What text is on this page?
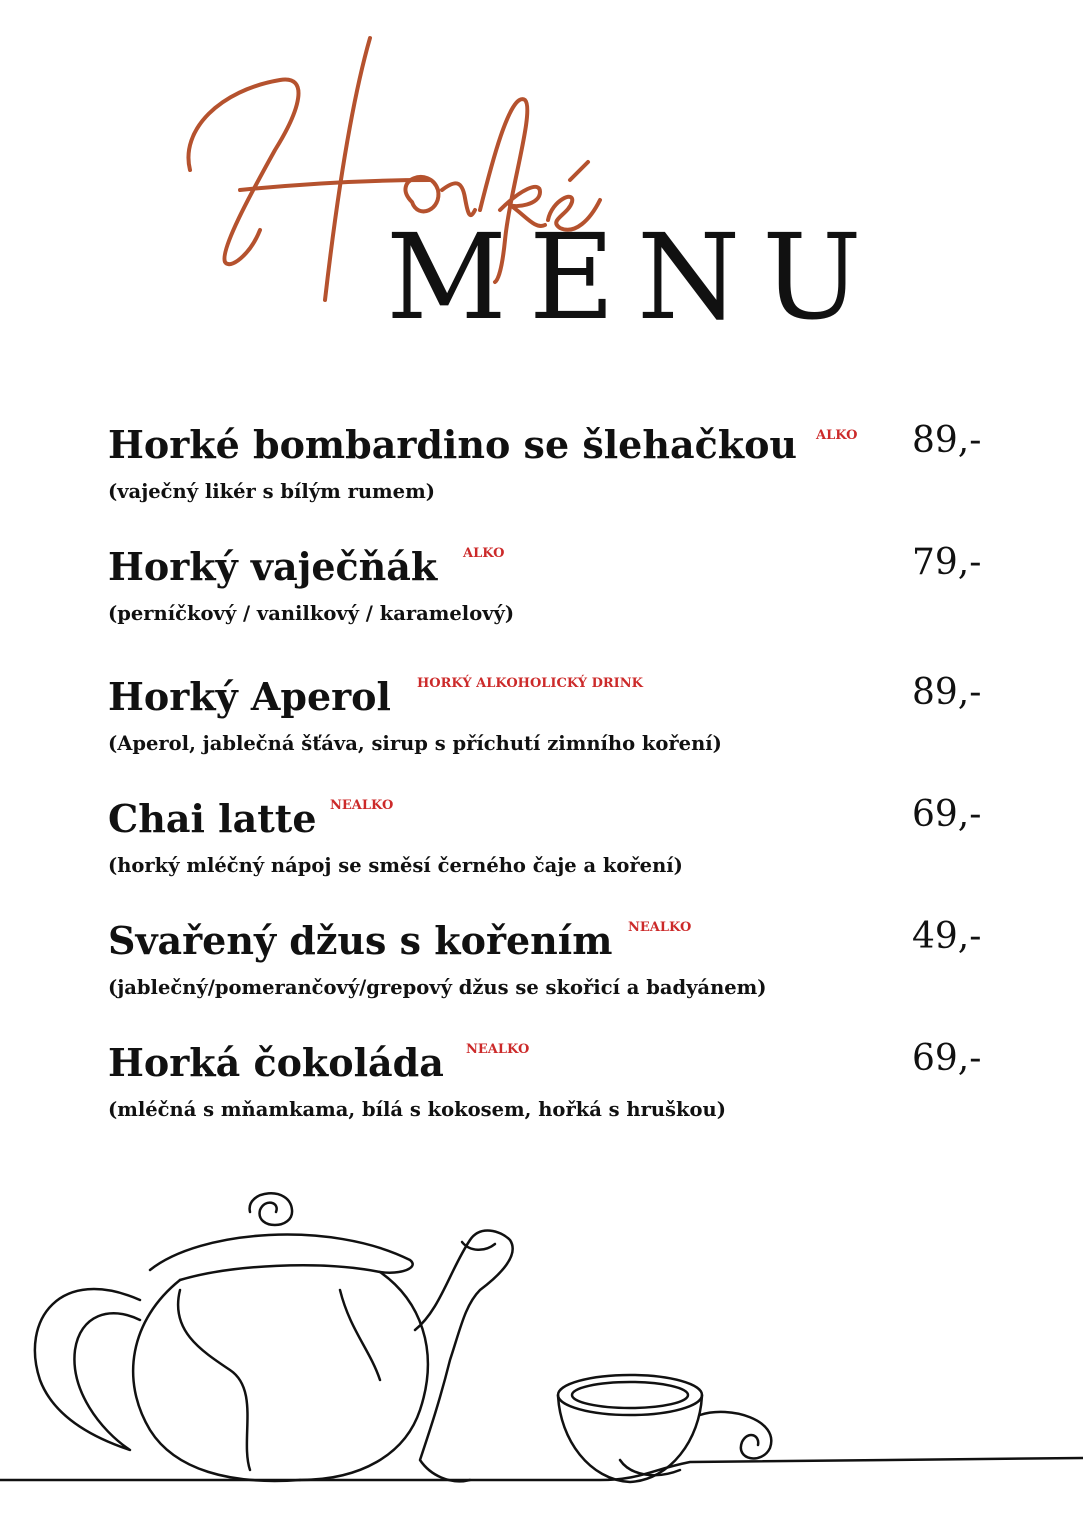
MENU
Horké bombardino se šlehačkou ALKO
(vaječný likér s bílým rumem)
89,-
Horký vaječňák ALKO
(perníčkový / vanilkový / karamelový)
79,-
Horký Aperol HORKÝ ALKOHOLICKÝ DRINK
(Aperol, jablečná šťáva, sirup s příchutí zimního koření)
89,-
Chai latte NEALKO
(horký mléčný nápoj se směsí černého čaje a koření)
69,-
Svařený džus s kořením NEALKO
(jablečný/pomerančový/grepový džus se skořicí a badyánem)
49,-
Horká čokoláda NEALKO
(mléčná s mňamkama, bílá s kokosem, hořká s hruškou)
69,-
